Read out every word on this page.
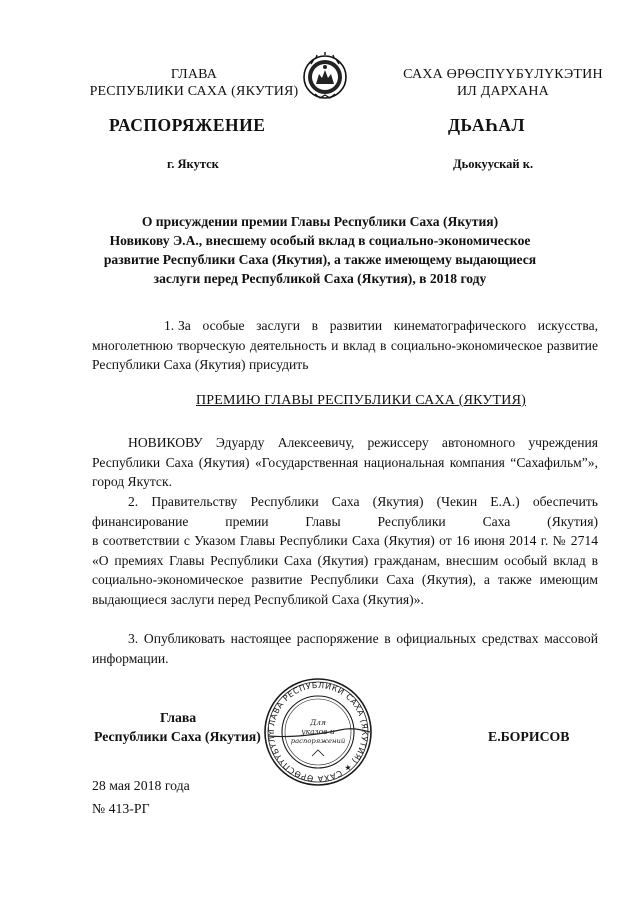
ГЛАВА
РЕСПУБЛИКИ САХА (ЯКУТИЯ)
САХА ӨРӨСПҮҮБҮЛҮКЭТИН
ИЛ ДАРХАНА
РАСПОРЯЖЕНИЕ	ДЬАҺАЛ
г. Якутск	Дьокуускай к.
О присуждении премии Главы Республики Саха (Якутия)
Новикову Э.А., внесшему особый вклад в социально-экономическое
развитие Республики Саха (Якутия), а также имеющему выдающиеся
заслуги перед Республикой Саха (Якутия), в 2018 году

1. За особые заслуги в развитии кинематографического искусства, многолетнюю творческую деятельность и вклад в социально-экономическое развитие Республики Саха (Якутия) присудить

ПРЕМИЮ ГЛАВЫ РЕСПУБЛИКИ САХА (ЯКУТИЯ)

НОВИКОВУ Эдуарду Алексеевичу, режиссеру автономного учреждения Республики Саха (Якутия) «Государственная национальная компания “Сахафильм”», город Якутск.

2. Правительству Республики Саха (Якутия) (Чекин Е.А.) обеспечить

финансирование	премии	Главы	Республики	Саха (Якутия)

в соответствии с Указом Главы Республики Саха (Якутия) от 16 июня 2014 г. № 2714 «О премиях Главы Республики Саха (Якутия) гражданам, внесшим особый вклад в социально-экономическое развитие Республики Саха (Якутия), а также имеющим выдающиеся заслуги перед Республикой Саха (Якутия)».

3. Опубликовать настоящее распоряжение в официальных средствах массовой информации.

ГЛАВА РЕСПУБЛИКИ САХА (ЯКУТИЯ) ★ САХА ӨРӨСПҮҮБҮЛҮ
Для
указов и
распоряжений
Глава
Республики Саха (Якутия)	Е.БОРИСОВ
28 мая 2018 года
№ 413-РГ
